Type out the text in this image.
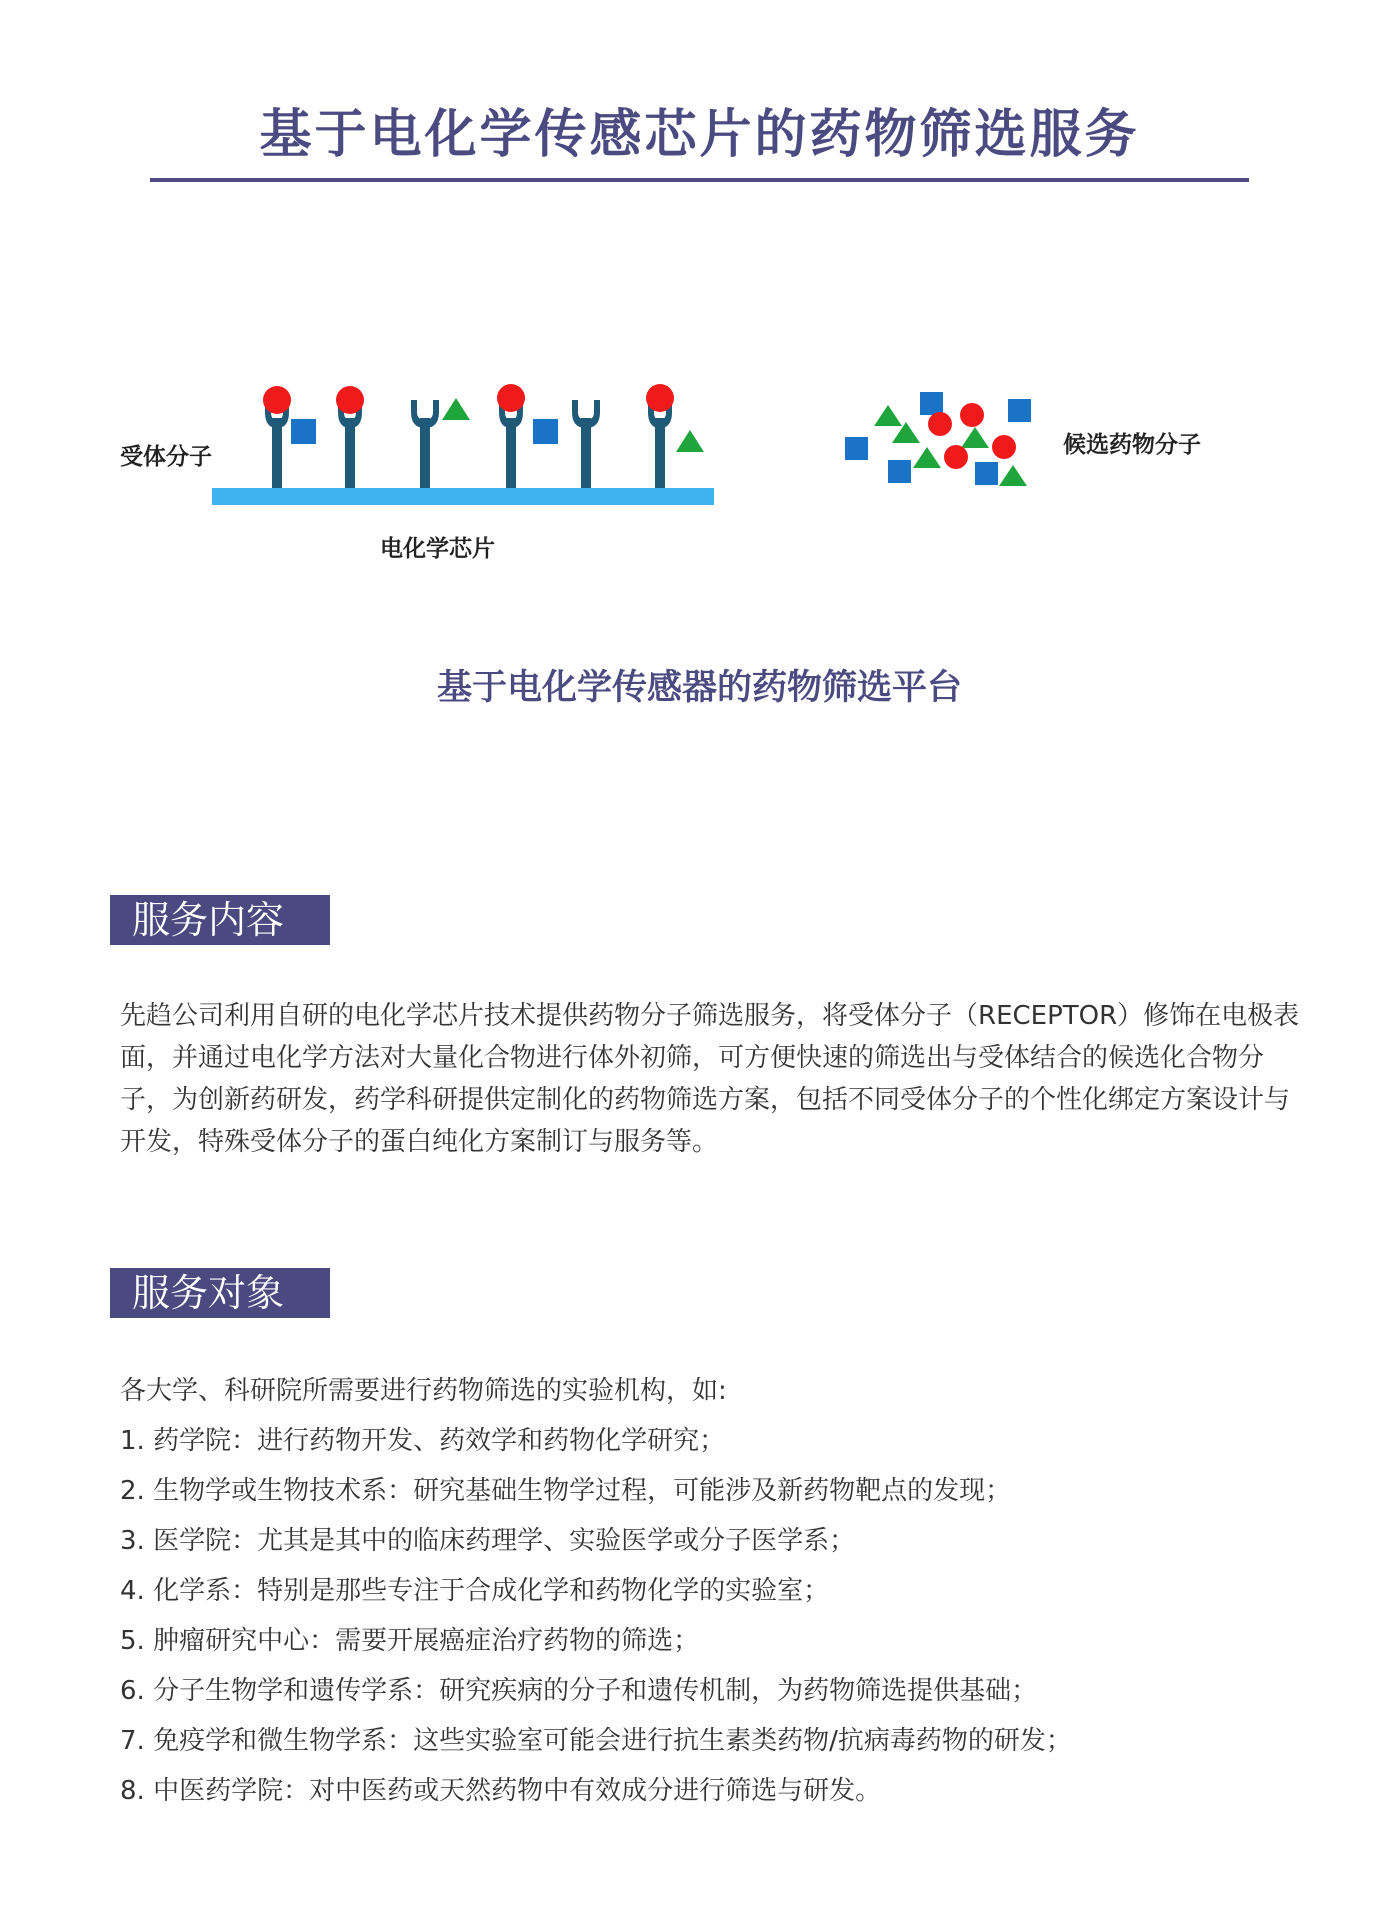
基于电化学传感芯片的药物筛选服务
受体分子
电化学芯片
候选药物分子
基于电化学传感器的药物筛选平台
服务内容

先趋公司利用自研的电化学芯片技术提供药物分子筛选服务，将受体分子（RECEPTOR）修饰在电极表面，并通过电化学方法对大量化合物进行体外初筛，可方便快速的筛选出与受体结合的候选化合物分子，为创新药研发，药学科研提供定制化的药物筛选方案，包括不同受体分子的个性化绑定方案设计与开发，特殊受体分子的蛋白纯化方案制订与服务等。

服务对象
各大学、科研院所需要进行药物筛选的实验机构，如:
1. 药学院：进行药物开发、药效学和药物化学研究；
2. 生物学或生物技术系：研究基础生物学过程，可能涉及新药物靶点的发现；
3. 医学院：尤其是其中的临床药理学、实验医学或分子医学系；
4. 化学系：特别是那些专注于合成化学和药物化学的实验室；
5. 肿瘤研究中心：需要开展癌症治疗药物的筛选；
6. 分子生物学和遗传学系：研究疾病的分子和遗传机制，为药物筛选提供基础；
7. 免疫学和微生物学系：这些实验室可能会进行抗生素类药物/抗病毒药物的研发；
8. 中医药学院：对中医药或天然药物中有效成分进行筛选与研发。
